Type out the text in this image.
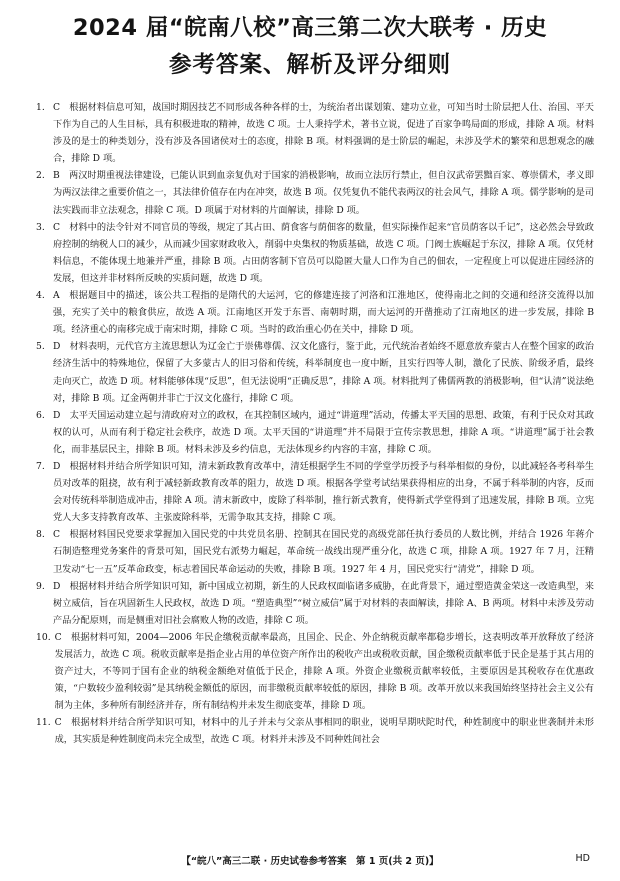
2024 届“皖南八校”高三第二次大联考 · 历史
参考答案、解析及评分细则
1. C　根据材料信息可知，战国时期因技艺不同形成各种各样的士，为统治者出谋划策、建功立业，可知当时士阶层把人仕、治国、平天下作为自己的人生目标，具有积极进取的精神，故选 C 项。士人秉持学术，著书立说，促进了百家争鸣局面的形成，排除 A 项。材料涉及的是士的种类划分，没有涉及各国诸侯对士的态度，排除 B 项。材料强调的是士阶层的崛起，未涉及学术的繁荣和思想观念的融合，排除 D 项。
2. B　两汉时期重视法律建设，已能认识到血亲复仇对于国家的消极影响，故而立法厉行禁止，但自汉武帝罢黜百家、尊崇儒术，孝义即为两汉法律之重要价值之一，其法律价值存在内在冲突，故选 B 项。仅凭复仇不能代表两汉的社会风气，排除 A 项。儒学影响的是司法实践而非立法观念，排除 C 项。D 项属于对材料的片面解读，排除 D 项。
3. C　材料中的法令针对不同官员的等级，规定了其占田、荫食客与荫佃客的数量，但实际操作起来“官员荫客以千记”，这必然会导致政府控制的纳税人口的减少，从而减少国家财政收入，削弱中央集权的物质基础，故选 C 项。门阀士族崛起于东汉，排除 A 项。仅凭材料信息，不能体现土地兼并严重，排除 B 项。占田荫客制下官员可以隐匿大量人口作为自己的佃农，一定程度上可以促进庄园经济的发展，但这并非材料所反映的实质问题，故选 D 项。
4. A　根据题目中的描述，该公共工程指的是隋代的大运河，它的修建连接了河洛和江淮地区，使得南北之间的交通和经济交流得以加强，充实了关中的粮食供应，故选 A 项。江南地区开发于东晋、南朝时期，而大运河的开凿推动了江南地区的进一步发展，排除 B 项。经济重心的南移完成于南宋时期，排除 C 项。当时的政治重心仍在关中，排除 D 项。
5. D　材料表明，元代官方主流思想认为辽金亡于崇佛尊儒、汉文化盛行，鉴于此，元代统治者始终不愿意放弃蒙古人在整个国家的政治经济生活中的特殊地位，保留了大多蒙古人的旧习俗和传统，科举制度也一度中断，且实行四等人制，激化了民族、阶级矛盾，最终走向灭亡，故选 D 项。材料能够体现“反思”，但无法说明“正确反思”，排除 A 项。材料批判了佛儒两教的消极影响，但“认清”说法绝对，排除 B 项。辽金两朝并非亡于汉文化盛行，排除 C 项。
6. D　太平天国运动建立起与清政府对立的政权，在其控制区域内，通过“讲道理”活动，传播太平天国的思想、政策，有利于民众对其政权的认可，从而有利于稳定社会秩序，故选 D 项。太平天国的“讲道理”并不局限于宣传宗教思想，排除 A 项。“讲道理”属于社会教化，而非基层民主，排除 B 项。材料未涉及乡约信息，无法体现乡约内容的丰富，排除 C 项。
7. D　根据材料并结合所学知识可知，清末新政教育改革中，清廷根据学生不同的学堂学历授予与科举相似的身份，以此减轻各考科举生员对改革的阻挠，故有利于减轻新政教育改革的阻力，故选 D 项。根据各学堂考试结果获得相应的出身，不属于科举制的内容，反而会对传统科举制造成冲击，排除 A 项。清末新政中，废除了科举制，推行新式教育，使得新式学堂得到了迅速发展，排除 B 项。立宪党人大多支持教育改革、主张废除科举，无需争取其支持，排除 C 项。
8. C　根据材料国民党要求掌握加入国民党的中共党员名册、控制其在国民党的高级党部任执行委员的人数比例，并结合 1926 年蒋介石制造整理党务案件的背景可知，国民党右派势力崛起，革命统一战线出现严重分化，故选 C 项，排除 A 项。1927 年 7 月，汪精卫发动“七一五”反革命政变，标志着国民革命运动的失败，排除 B 项。1927 年 4 月，国民党实行“清党”，排除 D 项。
9. D　根据材料并结合所学知识可知，新中国成立初期，新生的人民政权面临诸多威胁，在此背景下，通过塑造黄金荣这一改造典型，来树立威信，旨在巩固新生人民政权，故选 D 项。“塑造典型”“树立威信”属于对材料的表面解读，排除 A、B 两项。材料中未涉及劳动产品分配原则，而是侧重对旧社会腐败人物的改造，排除 C 项。
10. C　根据材料可知，2004—2006 年民企缴税贡献率最高，且国企、民企、外企纳税贡献率都稳步增长，这表明改革开放释放了经济发展活力，故选 C 项。税收贡献率是指企业占用的单位资产所作出的税收产出或税收贡献，国企缴税贡献率低于民企是基于其占用的资产过大，不等同于国有企业的纳税金额绝对值低于民企，排除 A 项。外资企业缴税贡献率较低，主要原因是其税收存在优惠政策，“户数较少盈利较弱”是其纳税金额低的原因，而非缴税贡献率较低的原因，排除 B 项。改革开放以来我国始终坚持社会主义公有制为主体，多种所有制经济并存，所有制结构并未发生彻底变革，排除 D 项。
11. C　根据材料并结合所学知识可知，材料中的儿子并未与父亲从事相同的职业，说明早期吠陀时代，种姓制度中的职业世袭制并未形成，其实质是种姓制度尚未完全成型，故选 C 项。材料并未涉及不同种姓间社会
【“皖八”高三二联 · 历史试卷参考答案　第 1 页(共 2 页)】	HD
